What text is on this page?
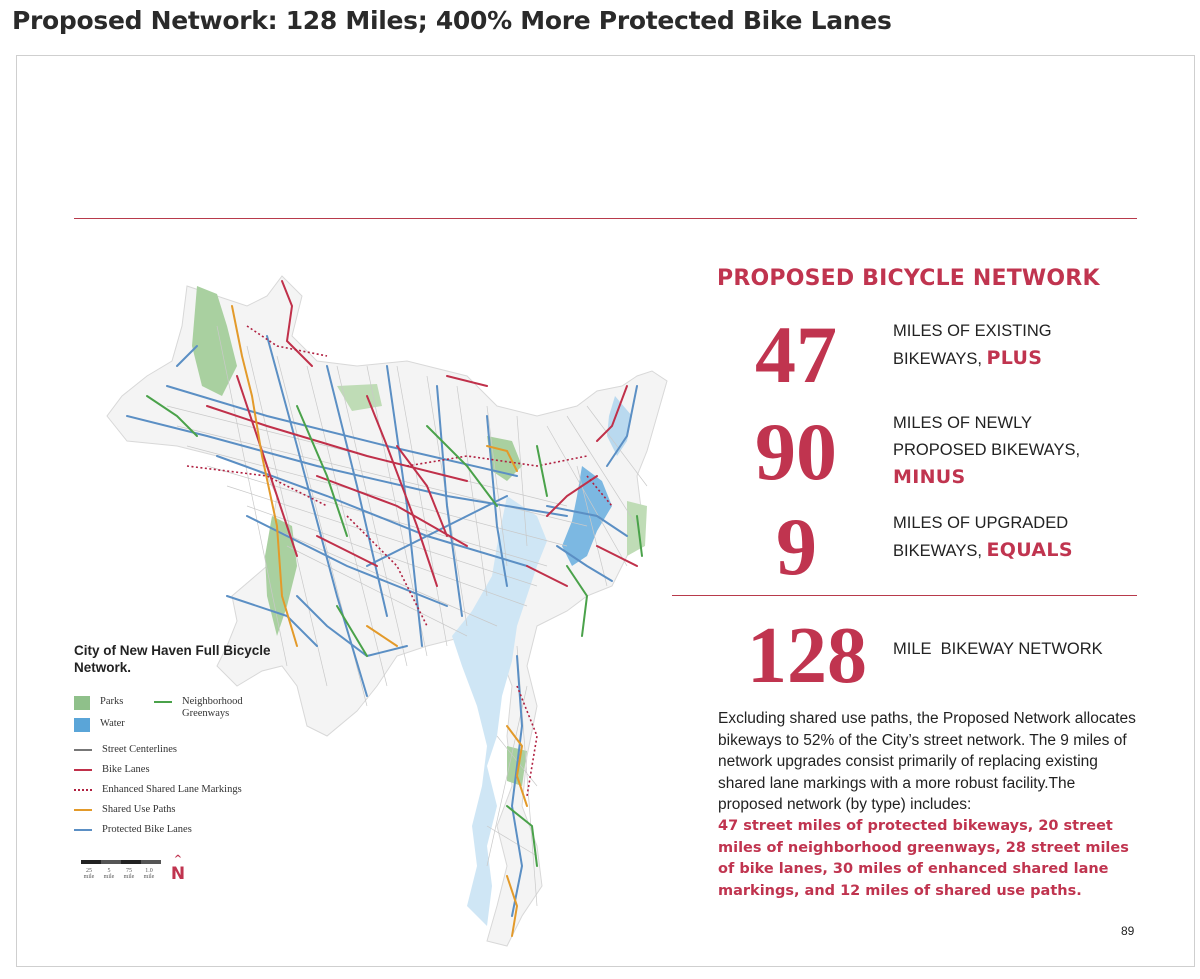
Proposed Network: 128 Miles; 400% More Protected Bike Lanes
PROPOSED BICYCLE NETWORK
47	MILES OF EXISTING
BIKEWAYS, PLUS
90	MILES OF NEWLY
PROPOSED BIKEWAYS,
MINUS
9	MILES OF UPGRADED
BIKEWAYS, EQUALS
128 MILE  BIKEWAY NETWORK
Excluding shared use paths, the Proposed Network allocates bikeways to 52% of the City’s street network. The 9 miles of network upgrades consist primarily of replacing existing shared lane markings with a more robust facility.The proposed network (by type) includes:
47 street miles of protected bikeways, 20 street miles of neighborhood greenways, 28 street miles of bike lanes, 30 miles of enhanced shared lane markings, and 12 miles of shared use paths.
89
City of New Haven Full Bicycle Network.
Parks	Neighborhood Greenways
Water
Street Centerlines
Bike Lanes
Enhanced Shared Lane Markings
Shared Use Paths
Protected Bike Lanes
25
mile
5
mile
75
mile
1.0
mile
^
N
